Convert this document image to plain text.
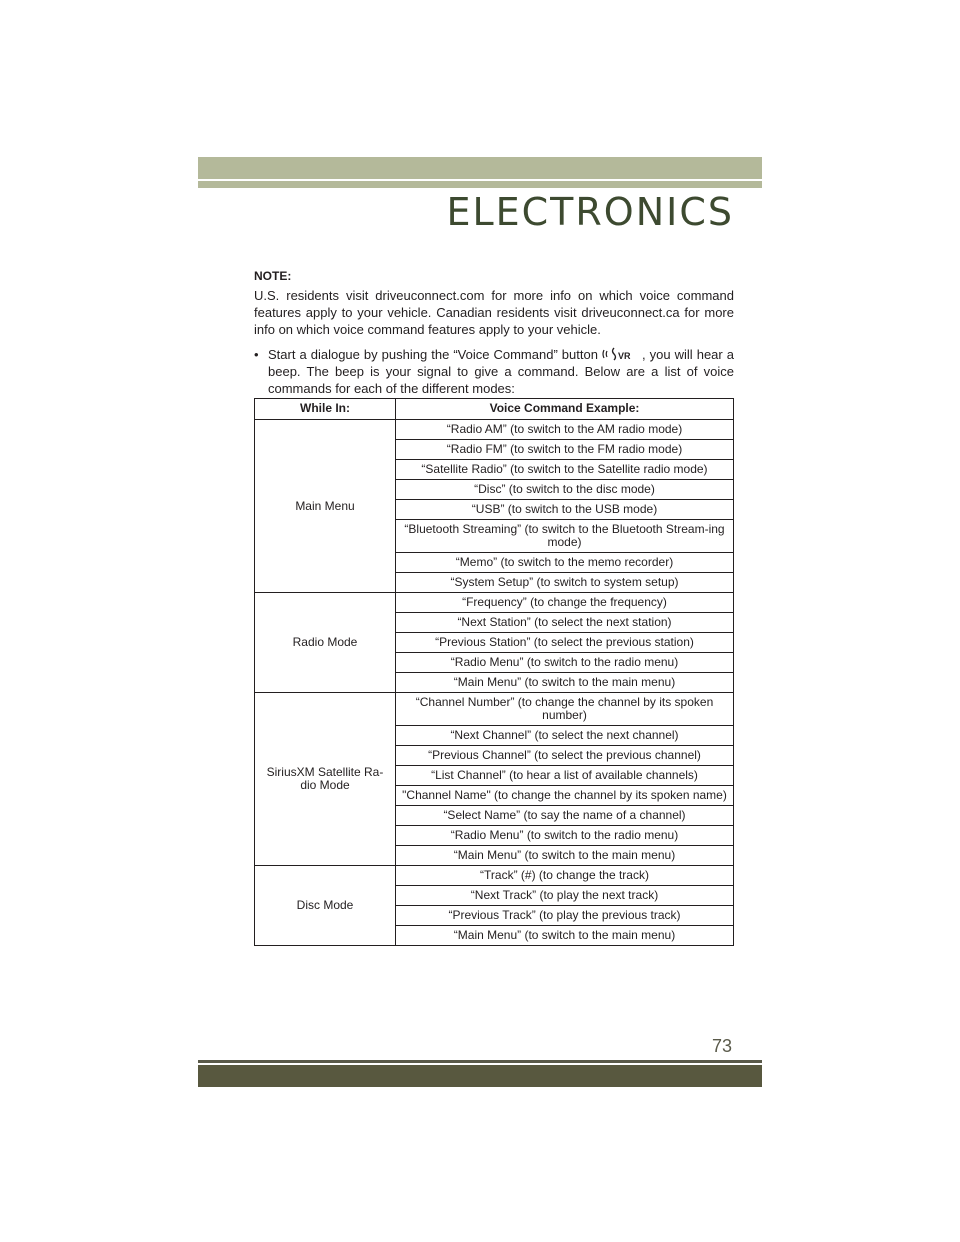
ELECTRONICS
NOTE:

U.S. residents visit driveuconnect.com for more info on which voice command features apply to your vehicle. Canadian residents visit driveuconnect.ca for more info on which voice command features apply to your vehicle.

• Start a dialogue by pushing the “Voice Command” button VR , you will hear a beep. The beep is your signal to give a command. Below are a list of voice commands for each of the different modes:
While In:	Voice Command Example:
Main Menu	“Radio AM” (to switch to the AM radio mode)
	“Radio FM” (to switch to the FM radio mode)
	“Satellite Radio” (to switch to the Satellite radio mode)
	“Disc” (to switch to the disc mode)
	“USB” (to switch to the USB mode)
	“Bluetooth Streaming” (to switch to the Bluetooth Stream-ing mode)
	“Memo” (to switch to the memo recorder)
	“System Setup” (to switch to system setup)
Radio Mode	“Frequency” (to change the frequency)
	“Next Station” (to select the next station)
	“Previous Station” (to select the previous station)
	“Radio Menu” (to switch to the radio menu)
	“Main Menu” (to switch to the main menu)
SiriusXM Satellite Ra-dio Mode	“Channel Number” (to change the channel by its spoken number)
	“Next Channel” (to select the next channel)
	“Previous Channel” (to select the previous channel)
	“List Channel” (to hear a list of available channels)
	"Channel Name" (to change the channel by its spoken name)
	“Select Name” (to say the name of a channel)
	“Radio Menu” (to switch to the radio menu)
	“Main Menu” (to switch to the main menu)
Disc Mode	“Track” (#) (to change the track)
	“Next Track” (to play the next track)
	“Previous Track” (to play the previous track)
	“Main Menu” (to switch to the main menu)
73
